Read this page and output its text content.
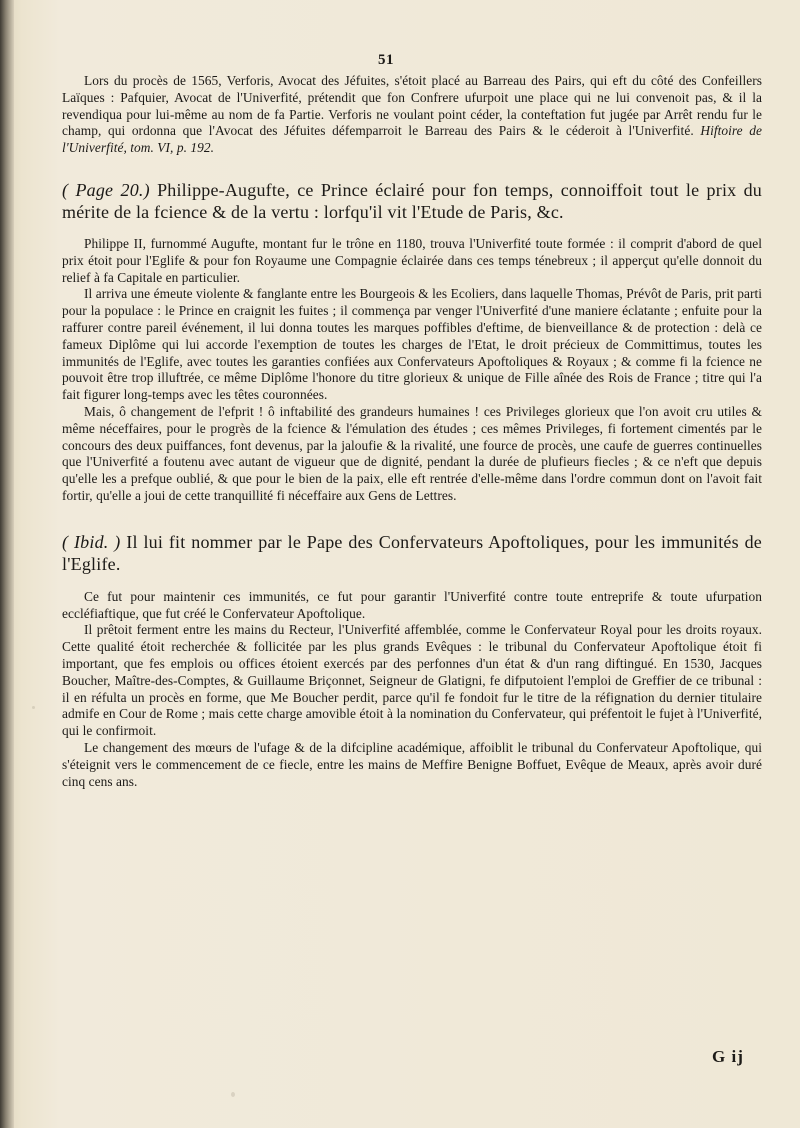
51

Lors du procès de 1565, Verforis, Avocat des Jéfuites, s'étoit placé au Barreau des Pairs, qui eft du côté des Confeillers Laïques : Pafquier, Avocat de l'Univerfité, prétendit que fon Confrere ufurpoit une place qui ne lui convenoit pas, & il la revendiqua pour lui-même au nom de fa Partie. Verforis ne voulant point céder, la conteftation fut jugée par Arrêt rendu fur le champ, qui ordonna que l'Avocat des Jéfuites défemparroit le Barreau des Pairs & le céderoit à l'Univerfité. Hiftoire de l'Univerfité, tom. VI, p. 192.

( Page 20.) Philippe-Augufte, ce Prince éclairé pour fon temps, connoiffoit tout le prix du mérite de la fcience & de la vertu : lorfqu'il vit l'Etude de Paris, &c.

Philippe II, furnommé Augufte, montant fur le trône en 1180, trouva l'Univerfité toute formée : il comprit d'abord de quel prix étoit pour l'Eglife & pour fon Royaume une Compagnie éclairée dans ces temps ténebreux ; il apperçut qu'elle donnoit du relief à fa Capitale en particulier.

Il arriva une émeute violente & fanglante entre les Bourgeois & les Ecoliers, dans laquelle Thomas, Prévôt de Paris, prit parti pour la populace : le Prince en craignit les fuites ; il commença par venger l'Univerfité d'une maniere éclatante ; enfuite pour la raffurer contre pareil événement, il lui donna toutes les marques poffibles d'eftime, de bienveillance & de protection : delà ce fameux Diplôme qui lui accorde l'exemption de toutes les charges de l'Etat, le droit précieux de Committimus, toutes les immunités de l'Eglife, avec toutes les garanties confiées aux Confervateurs Apoftoliques & Royaux ; & comme fi la fcience ne pouvoit être trop illuftrée, ce même Diplôme l'honore du titre glorieux & unique de Fille aînée des Rois de France ; titre qui l'a fait figurer long-temps avec les têtes couronnées.

Mais, ô changement de l'efprit ! ô inftabilité des grandeurs humaines ! ces Privileges glorieux que l'on avoit cru utiles & même néceffaires, pour le progrès de la fcience & l'émulation des études ; ces mêmes Privileges, fi fortement cimentés par le concours des deux puiffances, font devenus, par la jaloufie & la rivalité, une fource de procès, une caufe de guerres continuelles que l'Univerfité a foutenu avec autant de vigueur que de dignité, pendant la durée de plufieurs fiecles ; & ce n'eft que depuis qu'elle les a prefque oublié, & que pour le bien de la paix, elle eft rentrée d'elle-même dans l'ordre commun dont on l'avoit fait fortir, qu'elle a joui de cette tranquillité fi néceffaire aux Gens de Lettres.

( Ibid. ) Il lui fit nommer par le Pape des Confervateurs Apoftoliques, pour les immunités de l'Eglife.

Ce fut pour maintenir ces immunités, ce fut pour garantir l'Univerfité contre toute entreprife & toute ufurpation eccléfiaftique, que fut créé le Confervateur Apoftolique.

Il prêtoit ferment entre les mains du Recteur, l'Univerfité affemblée, comme le Confervateur Royal pour les droits royaux. Cette qualité étoit recherchée & follicitée par les plus grands Evêques : le tribunal du Confervateur Apoftolique étoit fi important, que fes emplois ou offices étoient exercés par des perfonnes d'un état & d'un rang diftingué. En 1530, Jacques Boucher, Maître-des-Comptes, & Guillaume Briçonnet, Seigneur de Glatigni, fe difputoient l'emploi de Greffier de ce tribunal : il en réfulta un procès en forme, que Me Boucher perdit, parce qu'il fe fondoit fur le titre de la réfignation du dernier titulaire admife en Cour de Rome ; mais cette charge amovible étoit à la nomination du Confervateur, qui préfentoit le fujet à l'Univerfité, qui le confirmoit.

Le changement des mœurs de l'ufage & de la difcipline académique, affoiblit le tribunal du Confervateur Apoftolique, qui s'éteignit vers le commencement de ce fiecle, entre les mains de Meffire Benigne Boffuet, Evêque de Meaux, après avoir duré cinq cens ans.

G ij
